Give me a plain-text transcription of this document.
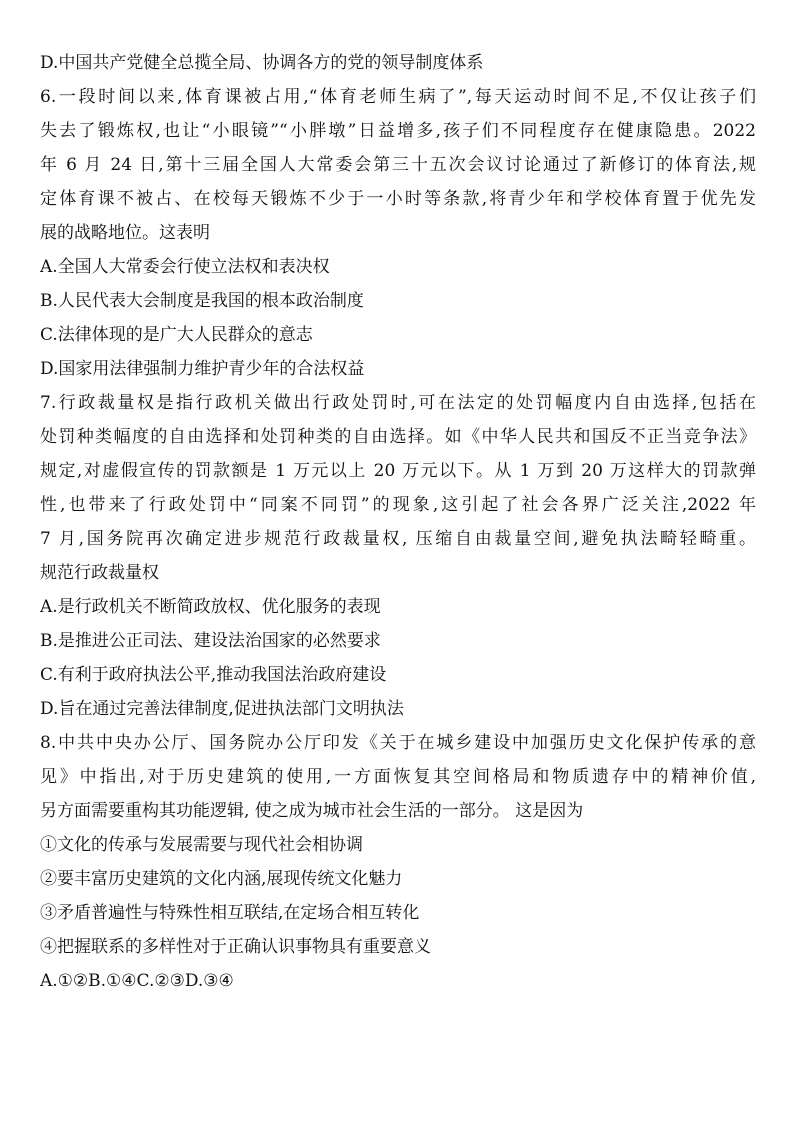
D.中国共产党健全总揽全局、协调各方的党的领导制度体系
6.一段时间以来,体育课被占用,“体育老师生病了”,每天运动时间不足,不仅让孩子们
失去了锻炼权,也让“小眼镜”“小胖墩”日益增多,孩子们不同程度存在健康隐患。2022
年 6 月 24 日,第十三届全国人大常委会第三十五次会议讨论通过了新修订的体育法,规
定体育课不被占、在校每天锻炼不少于一小时等条款,将青少年和学校体育置于优先发
展的战略地位。这表明
A.全国人大常委会行使立法权和表决权
B.人民代表大会制度是我国的根本政治制度
C.法律体现的是广大人民群众的意志
D.国家用法律强制力维护青少年的合法权益
7.行政裁量权是指行政机关做出行政处罚时,可在法定的处罚幅度内自由选择,包括在
处罚种类幅度的自由选择和处罚种类的自由选择。如《中华人民共和国反不正当竞争法》
规定,对虚假宣传的罚款额是 1 万元以上 20 万元以下。从 1 万到 20 万这样大的罚款弹
性,也带来了行政处罚中“同案不同罚”的现象,这引起了社会各界广泛关注,2022 年
7 月,国务院再次确定进步规范行政裁量权, 压缩自由裁量空间,避免执法畸轻畸重。
规范行政裁量权
A.是行政机关不断简政放权、优化服务的表现
B.是推进公正司法、建设法治国家的必然要求
C.有利于政府执法公平,推动我国法治政府建设
D.旨在通过完善法律制度,促进执法部门文明执法
8.中共中央办公厅、国务院办公厅印发《关于在城乡建设中加强历史文化保护传承的意
见》中指出,对于历史建筑的使用,一方面恢复其空间格局和物质遗存中的精神价值,
另方面需要重构其功能逻辑, 使之成为城市社会生活的一部分。 这是因为
①文化的传承与发展需要与现代社会相协调
②要丰富历史建筑的文化内涵,展现传统文化魅力
③矛盾普遍性与特殊性相互联结,在定场合相互转化
④把握联系的多样性对于正确认识事物具有重要意义
A.①②B.①④C.②③D.③④
